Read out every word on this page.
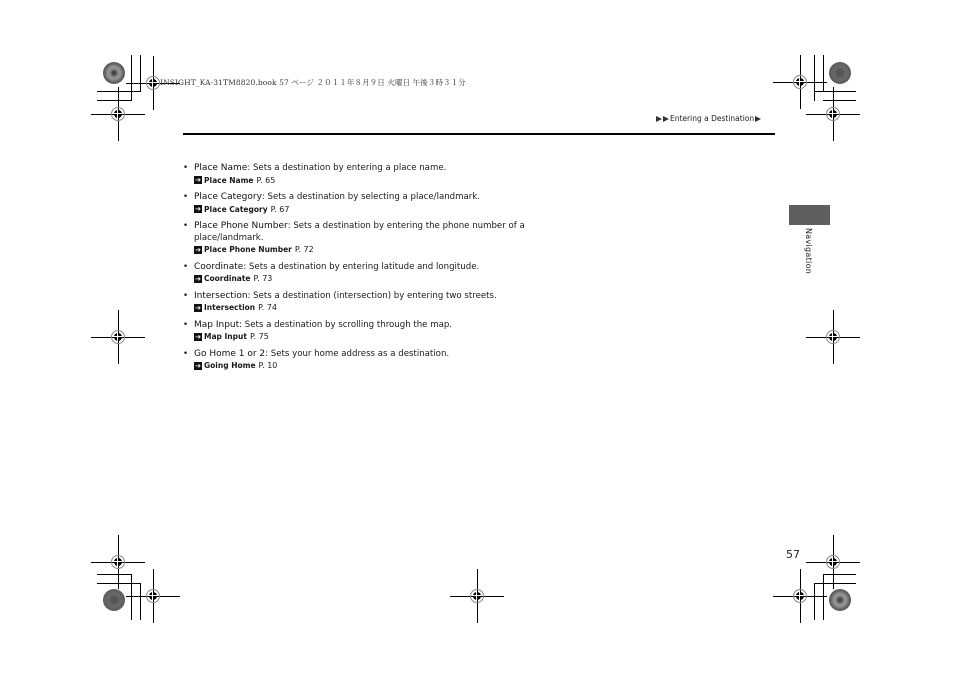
INSIGHT_KA-31TM8820.book 57 ページ ２０１１年８月９日 火曜日 午後３時３１分
Entering a Destination
Navigation
• Place Name: Sets a destination by entering a place name.
➔ Place Name P. 65
• Place Category: Sets a destination by selecting a place/landmark.
➔ Place Category P. 67
• Place Phone Number: Sets a destination by entering the phone number of a place/landmark.
➔ Place Phone Number P. 72
• Coordinate: Sets a destination by entering latitude and longitude.
➔ Coordinate P. 73
• Intersection: Sets a destination (intersection) by entering two streets.
➔ Intersection P. 74
• Map Input: Sets a destination by scrolling through the map.
➔ Map Input P. 75
• Go Home 1 or 2: Sets your home address as a destination.
➔ Going Home P. 10
57
